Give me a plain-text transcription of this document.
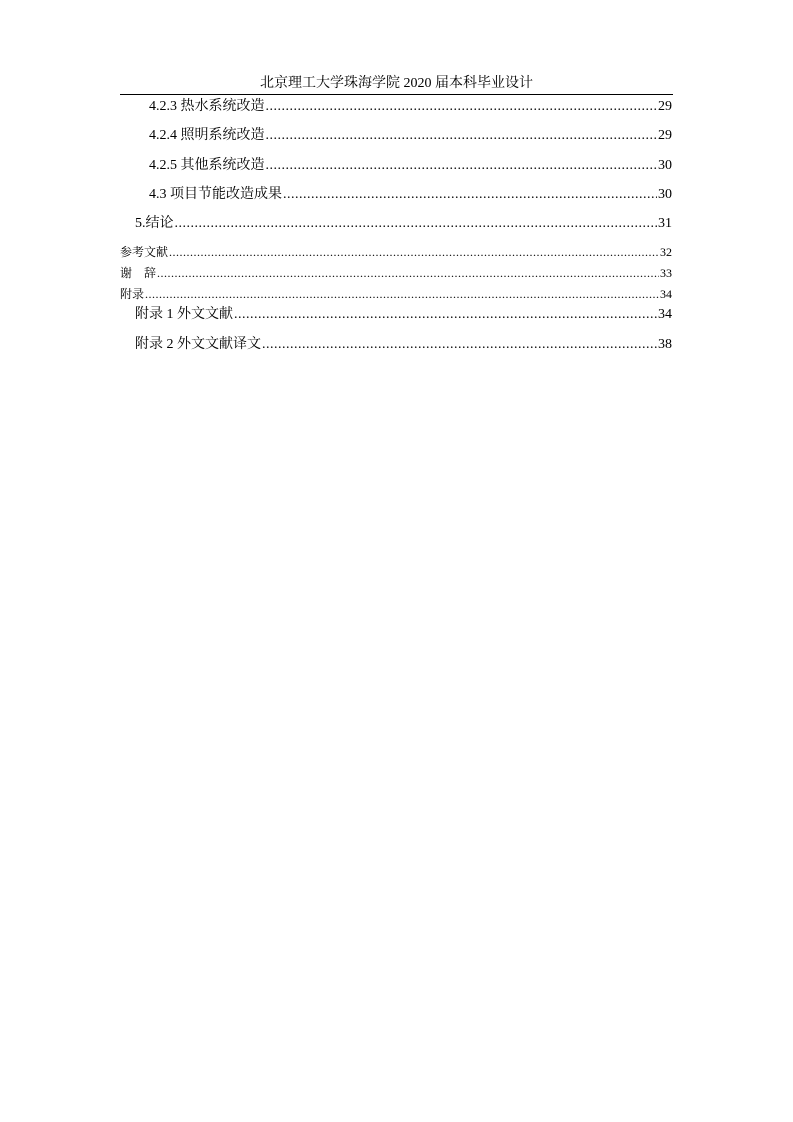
北京理工大学珠海学院 2020 届本科毕业设计
4.2.3 热水系统改造 .....	29
4.2.4 照明系统改造 .....	29
4.2.5 其他系统改造 .....	30
4.3 项目节能改造成果 .....	30
5.结论 .....	31
参考文献 .....	32
谢　辞 .....	33
附录 .....	34
附录 1 外文文献 .....	34
附录 2 外文文献译文 .....	38
